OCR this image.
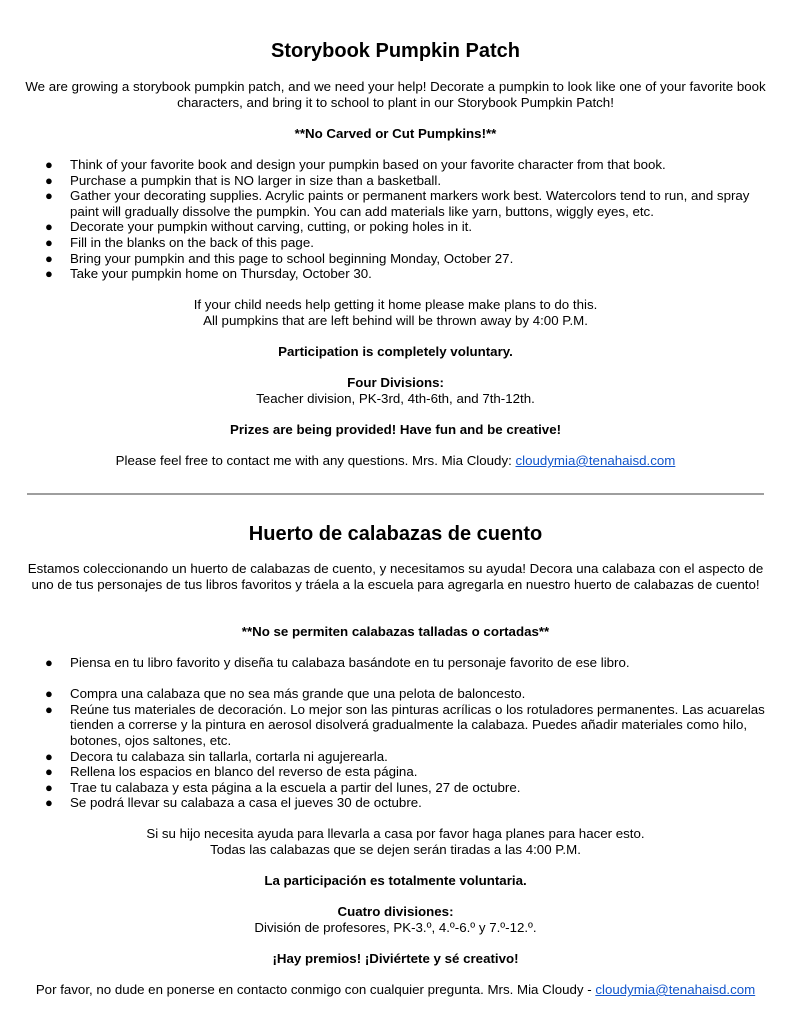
Storybook Pumpkin Patch
We are growing a storybook pumpkin patch, and we need your help! Decorate a pumpkin to look like one of your favorite book characters, and bring it to school to plant in our Storybook Pumpkin Patch!
**No Carved or Cut Pumpkins!**
● Think of your favorite book and design your pumpkin based on your favorite character from that book.
● Purchase a pumpkin that is NO larger in size than a basketball.
● Gather your decorating supplies. Acrylic paints or permanent markers work best. Watercolors tend to run, and spray paint will gradually dissolve the pumpkin. You can add materials like yarn, buttons, wiggly eyes, etc.
● Decorate your pumpkin without carving, cutting, or poking holes in it.
● Fill in the blanks on the back of this page.
● Bring your pumpkin and this page to school beginning Monday, October 27.
● Take your pumpkin home on Thursday, October 30.
If your child needs help getting it home please make plans to do this.
All pumpkins that are left behind will be thrown away by 4:00 P.M.
Participation is completely voluntary.
Four Divisions:
Teacher division, PK-3rd, 4th-6th, and 7th-12th.
Prizes are being provided! Have fun and be creative!
Please feel free to contact me with any questions. Mrs. Mia Cloudy: cloudymia@tenahaisd.com
Huerto de calabazas de cuento
Estamos coleccionando un huerto de calabazas de cuento, y necesitamos su ayuda! Decora una calabaza con el aspecto de uno de tus personajes de tus libros favoritos y tráela a la escuela para agregarla en nuestro huerto de calabazas de cuento!
**No se permiten calabazas talladas o cortadas**
● Piensa en tu libro favorito y diseña tu calabaza basándote en tu personaje favorito de ese libro.
● Compra una calabaza que no sea más grande que una pelota de baloncesto.
● Reúne tus materiales de decoración. Lo mejor son las pinturas acrílicas o los rotuladores permanentes. Las acuarelas tienden a correrse y la pintura en aerosol disolverá gradualmente la calabaza. Puedes añadir materiales como hilo, botones, ojos saltones, etc.
● Decora tu calabaza sin tallarla, cortarla ni agujerearla.
● Rellena los espacios en blanco del reverso de esta página.
● Trae tu calabaza y esta página a la escuela a partir del lunes, 27 de octubre.
● Se podrá llevar su calabaza a casa el jueves 30 de octubre.
Si su hijo necesita ayuda para llevarla a casa por favor haga planes para hacer esto.
Todas las calabazas que se dejen serán tiradas a las 4:00 P.M.
La participación es totalmente voluntaria.
Cuatro divisiones:
División de profesores, PK-3.º, 4.º-6.º y 7.º-12.º.
¡Hay premios! ¡Diviértete y sé creativo!
Por favor, no dude en ponerse en contacto conmigo con cualquier pregunta. Mrs. Mia Cloudy - cloudymia@tenahaisd.com
